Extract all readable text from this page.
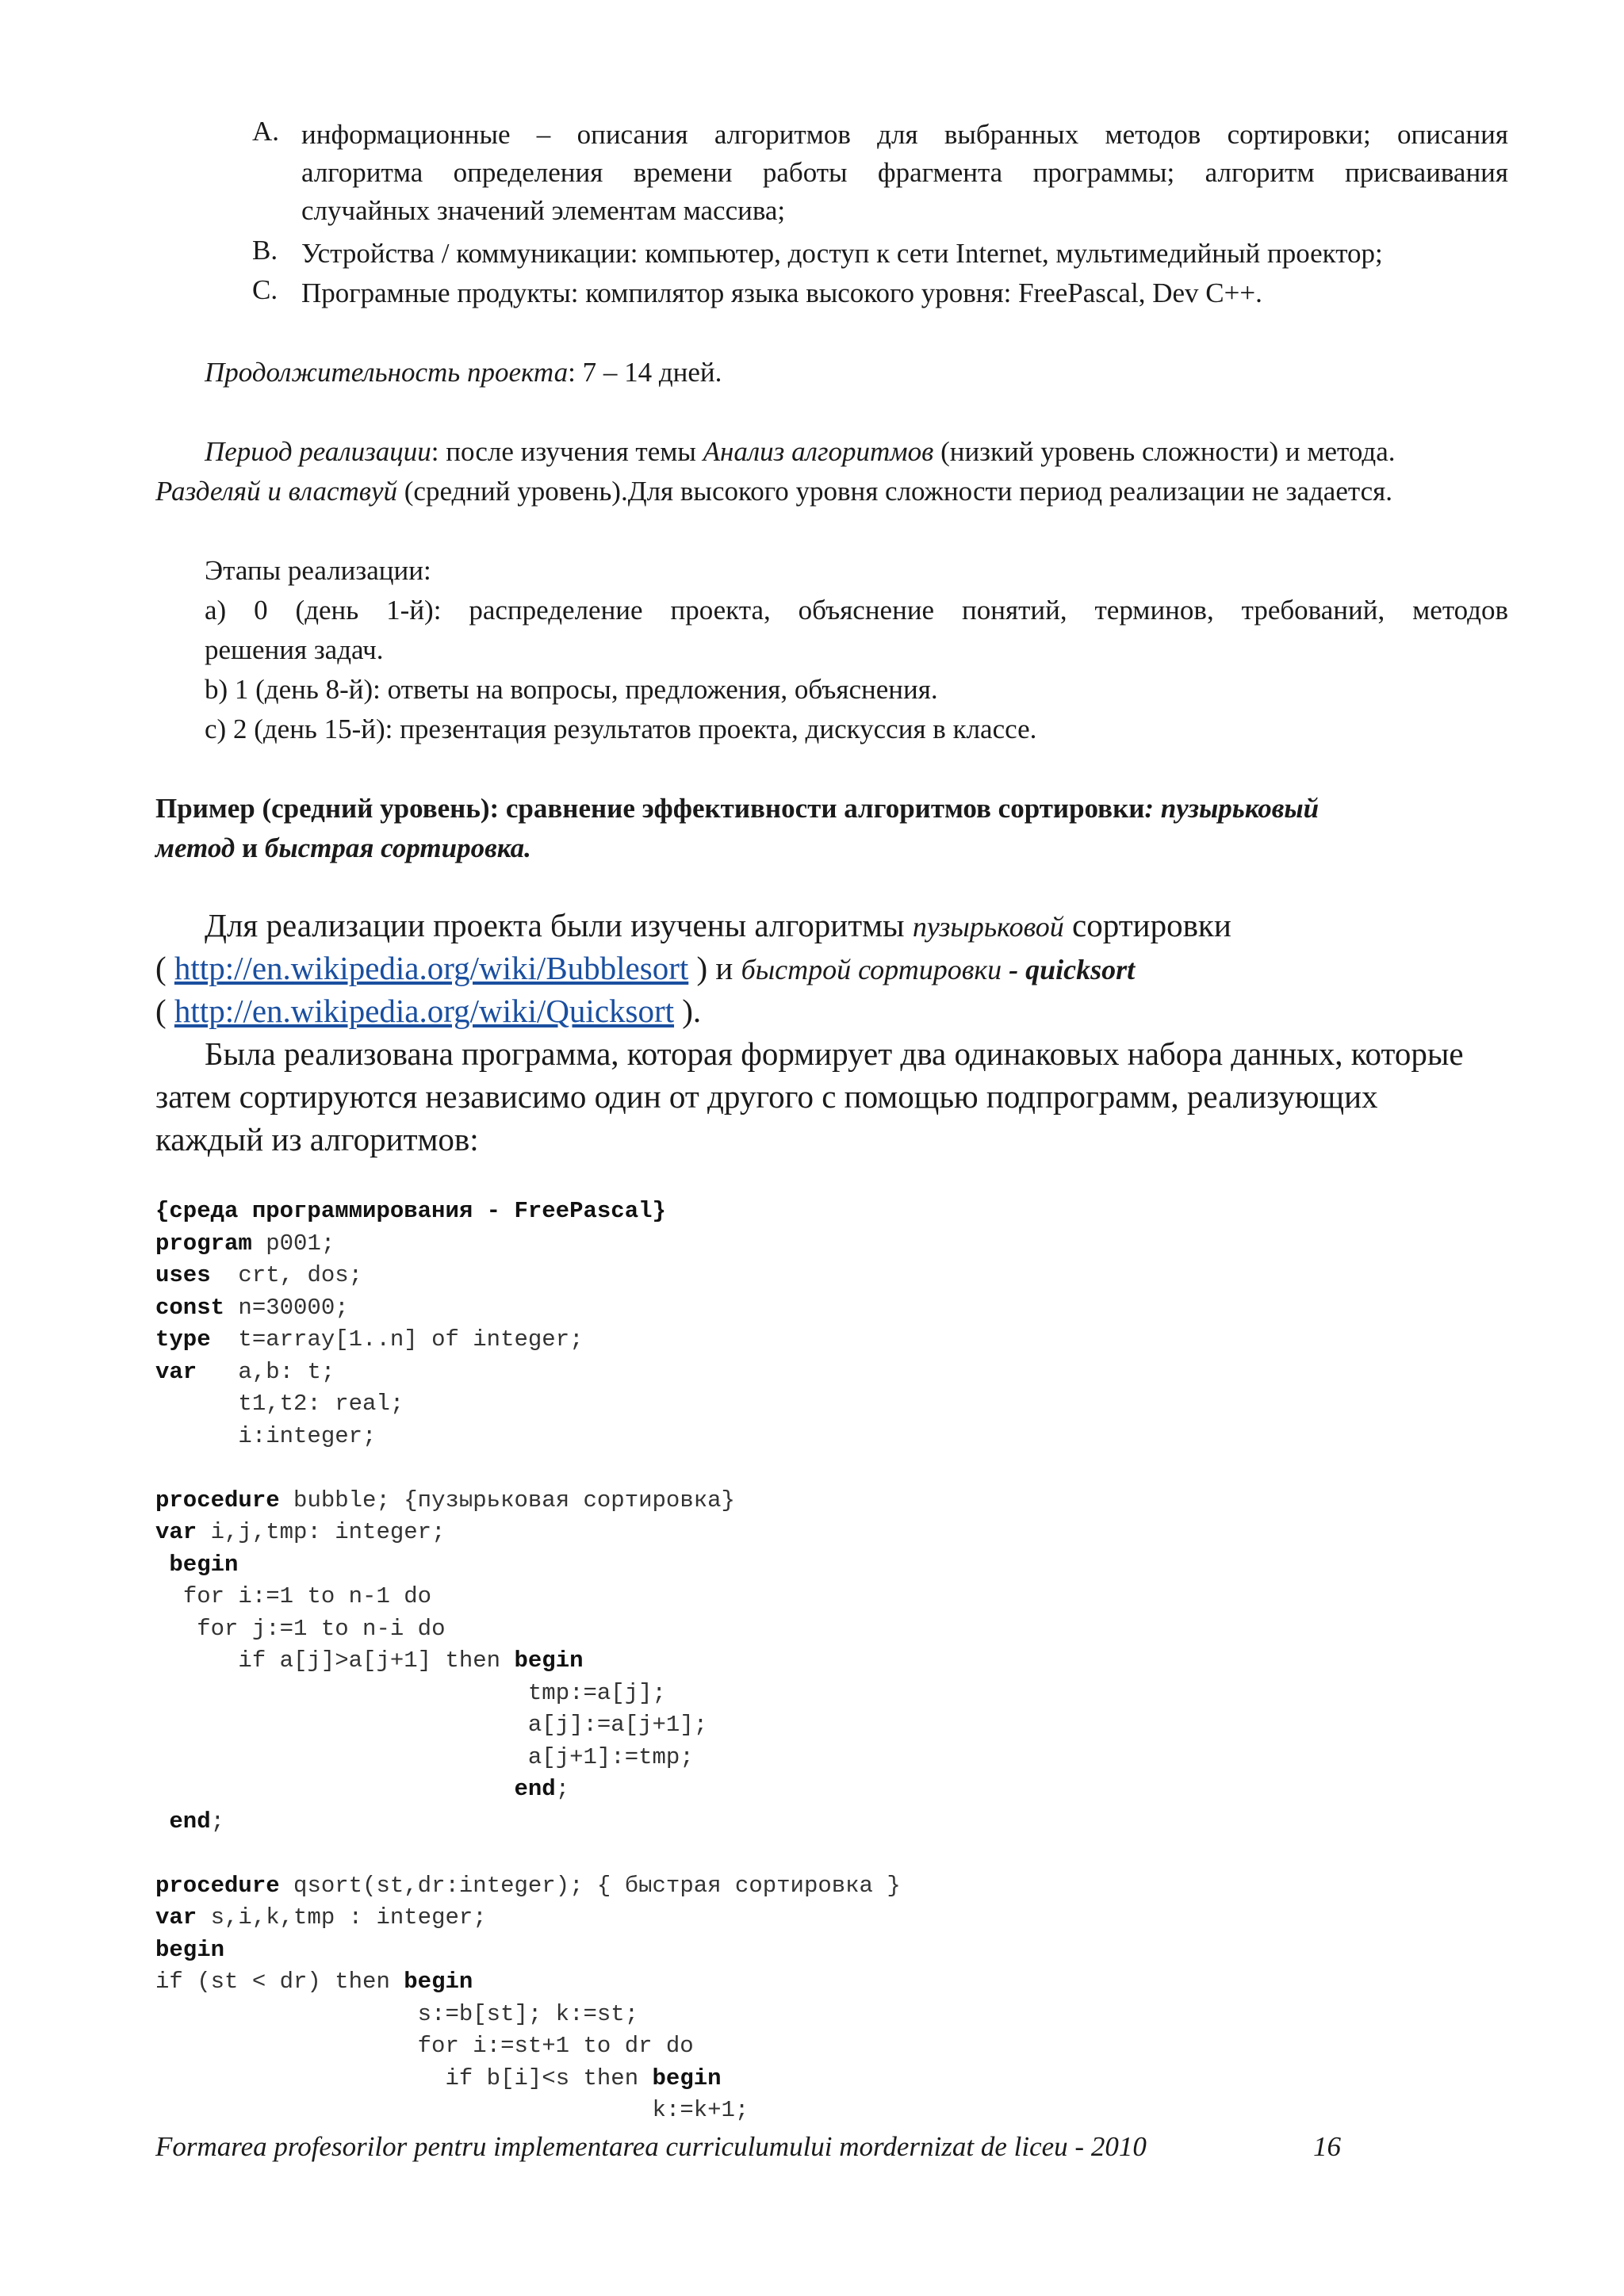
A. информационные – описания алгоритмов для выбранных методов сортировки; описания
алгоритма определения времени работы фрагмента программы; алгоритм присваивания
случайных значений элементам массива;
B. Устройства / коммуникации: компьютер, доступ к сети Internet, мультимедийный проектор;
C. Програмные продукты: компилятор языка высокого уровня: FreePascal, Dev C++.
Продолжительность проекта: 7 – 14 дней.
Период реализации: после изучения темы Анализ алгоритмов (низкий уровень сложности) и метода.
Разделяй и властвуй (средний уровень).Для высокого уровня сложности период реализации не задается.
Этапы реализации:
a) 0 (день 1-й): распределение проекта, объяснение понятий, терминов, требований, методов
решения задач.
b) 1 (день 8-й): ответы на вопросы, предложения, объяснения.
c) 2 (день 15-й): презентация результатов проекта, дискуссия в классе.
Пример (средний уровень): сравнение эффективности алгоритмов сортировки: пузырьковый
метод и быстрая сортировка.
Для реализации проекта были изучены алгоритмы пузырьковой сортировки
( http://en.wikipedia.org/wiki/Bubblesort ) и быстрой сортировки - quicksort
( http://en.wikipedia.org/wiki/Quicksort ).
Была реализована программа, которая формирует два одинаковых набора данных, которые
затем сортируются независимо один от другого с помощью подпрограмм, реализующих
каждый из алгоритмов:
{среда программирования - FreePascal}
program p001;
uses  crt, dos;
const n=30000;
type  t=array[1..n] of integer;
var   a,b: t;
t1,t2: real;
i:integer;
procedure bubble; {пузырьковая сортировка}
var i,j,tmp: integer;
begin
for i:=1 to n-1 do
for j:=1 to n-i do
if a[j]>a[j+1] then begin
tmp:=a[j];
a[j]:=a[j+1];
a[j+1]:=tmp;
end;
end;
procedure qsort(st,dr:integer); { быстрая сортировка }
var s,i,k,tmp : integer;
begin
if (st < dr) then begin
s:=b[st]; k:=st;
for i:=st+1 to dr do
if b[i]<s then begin
k:=k+1;
Formarea profesorilor pentru implementarea curriculumului mordernizat de liceu - 2010	16
